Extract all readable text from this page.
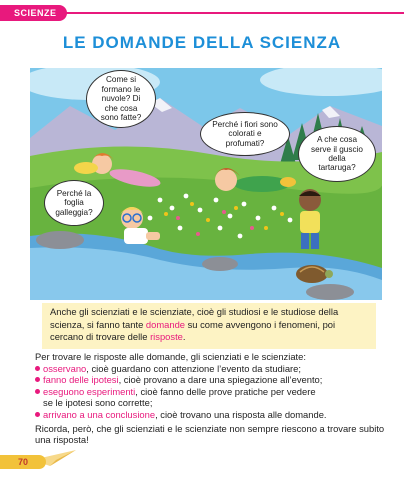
SCIENZE
LE DOMANDE DELLA SCIENZA
Come si formano le nuvole? Di che cosa sono fatte?
Perché i fiori sono colorati e profumati?	A che cosa serve il guscio della tartaruga?
Perché la foglia galleggia?
Anche gli scienziati e le scienziate, cioè gli studiosi e le studiose della scienza, si fanno tante domande su come avvengono i fenomeni, poi cercano di trovare delle risposte.

Per trovare le risposte alle domande, gli scienziati e le scienziate:

osservano, cioè guardano con attenzione l’evento da studiare;
fanno delle ipotesi, cioè provano a dare una spiegazione all’evento;
eseguono esperimenti, cioè fanno delle prove pratiche per vedere
se le ipotesi sono corrette;
arrivano a una conclusione, cioè trovano una risposta alle domande.

Ricorda, però, che gli scienziati e le scienziate non sempre riescono a trovare subito una risposta!

70
